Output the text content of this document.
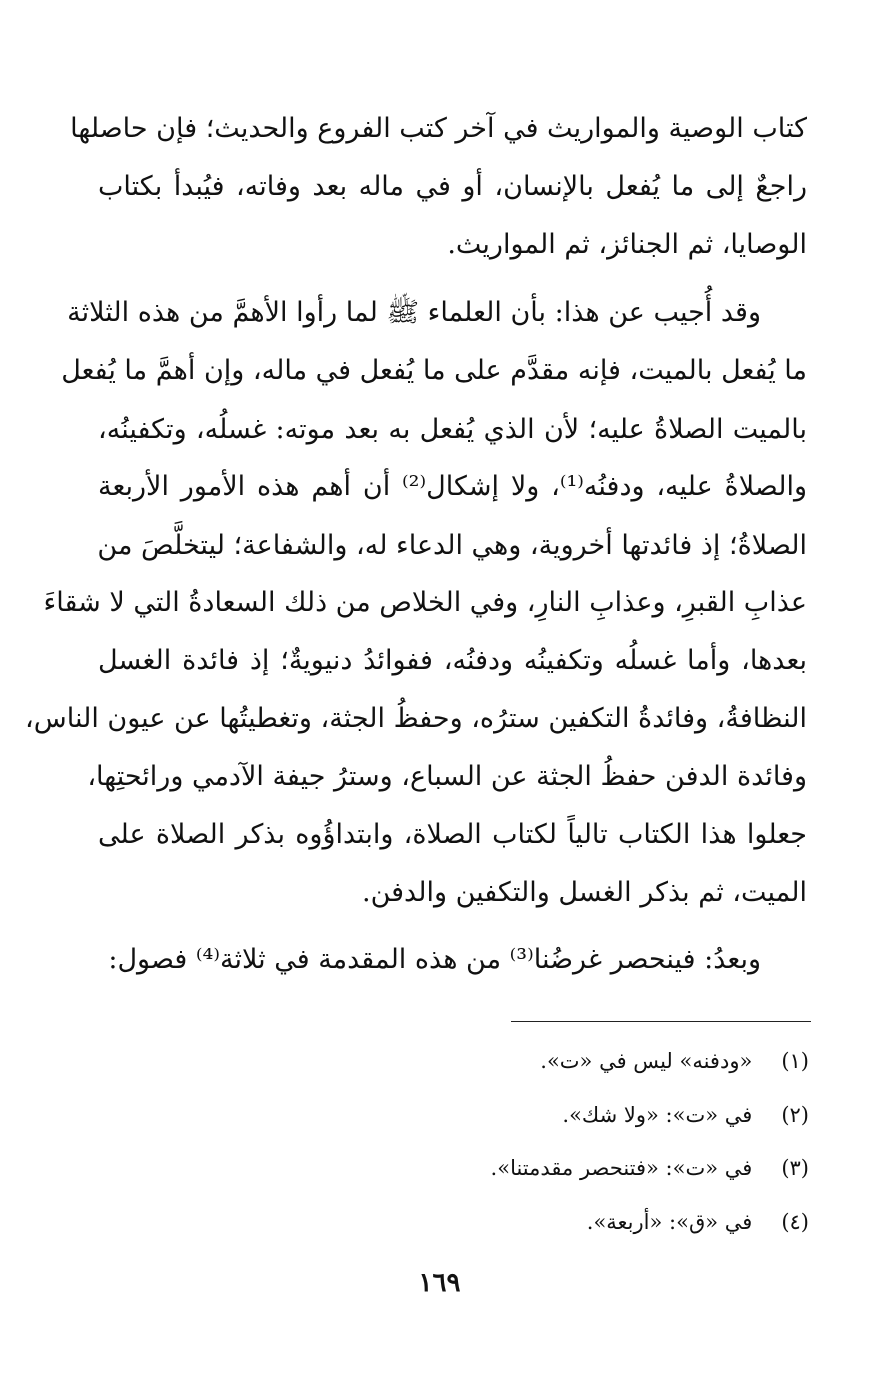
كتاب الوصية والمواريث في آخر كتب الفروع والحديث؛ فإن حاصلها
راجعٌ إلى ما يُفعل بالإنسان، أو في ماله بعد وفاته، فيُبدأ بكتاب
الوصايا، ثم الجنائز، ثم المواريث.
وقد أُجيب عن هذا: بأن العلماء ﷺ لما رأوا الأهمَّ من هذه الثلاثة
ما يُفعل بالميت، فإنه مقدَّم على ما يُفعل في ماله، وإن أهمَّ ما يُفعل
بالميت الصلاةُ عليه؛ لأن الذي يُفعل به بعد موته: غسلُه، وتكفينُه،
والصلاةُ عليه، ودفنُه⁽¹⁾، ولا إشكال⁽²⁾ أن أهم هذه الأمور الأربعة
الصلاةُ؛ إذ فائدتها أخروية، وهي الدعاء له، والشفاعة؛ ليتخلَّصَ من
عذابِ القبرِ، وعذابِ النارِ، وفي الخلاص من ذلك السعادةُ التي لا شقاءَ
بعدها، وأما غسلُه وتكفينُه ودفنُه، ففوائدُ دنيويةٌ؛ إذ فائدة الغسل
النظافةُ، وفائدةُ التكفين سترُه، وحفظُ الجثة، وتغطيتُها عن عيون الناس،
وفائدة الدفن حفظُ الجثة عن السباع، وسترُ جيفة الآدمي ورائحتِها،
جعلوا هذا الكتاب تالياً لكتاب الصلاة، وابتداؤُوه بذكر الصلاة على
الميت، ثم بذكر الغسل والتكفين والدفن.
وبعدُ: فينحصر غرضُنا⁽³⁾ من هذه المقدمة في ثلاثة⁽⁴⁾ فصول:
(١) «ودفنه» ليس في «ت».
(٢) في «ت»: «ولا شك».
(٣) في «ت»: «فتنحصر مقدمتنا».
(٤) في «ق»: «أربعة».
١٦٩
